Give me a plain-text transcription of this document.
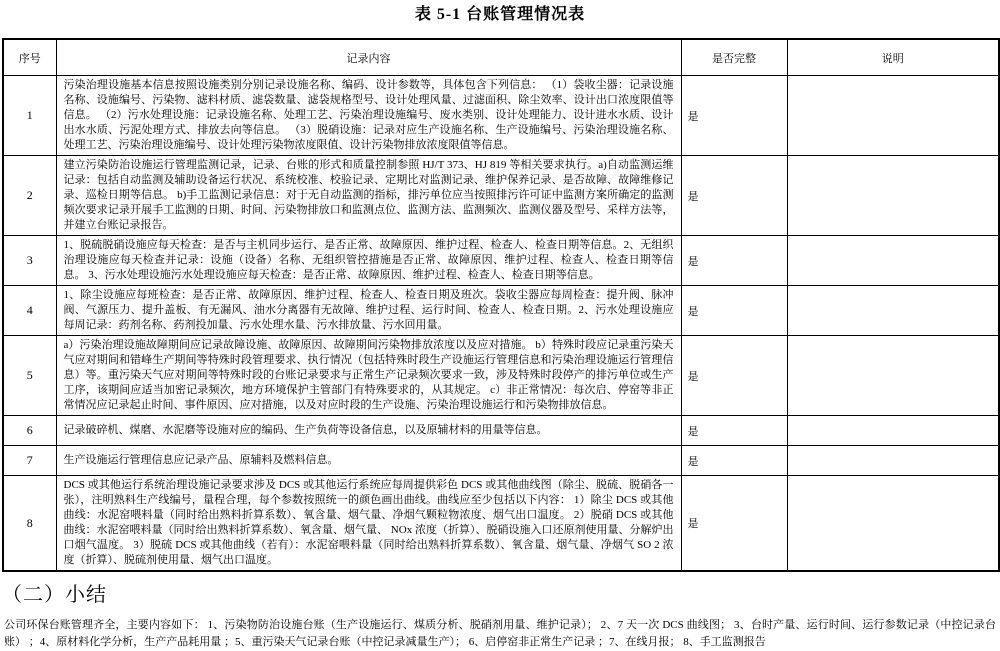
表 5-1 台账管理情况表
序号	记录内容	是否完整	说明
1	污染治理设施基本信息按照设施类别分别记录设施名称、编码、设计参数等，具体包含下列信息： （1）袋收尘器：记录设施名称、设施编号、污染物、滤料材质、滤袋数量、滤袋规格型号、设计处理风量、过滤面积、除尘效率、设计出口浓度限值等信息。 （2）污水处理设施：记录设施名称、处理工艺、污染治理设施编号、废水类别、设计处理能力、设计进水水质、设计出水水质、污泥处理方式、排放去向等信息。 （3）脱硝设施：记录对应生产设施名称、生产设施编号、污染治理设施名称、处理工艺、污染治理设施编号、设计处理污染物浓度限值、设计污染物排放浓度限值等信息。	是	
2	建立污染防治设施运行管理监测记录，记录、台账的形式和质量控制参照 HJ/T 373、HJ 819 等相关要求执行。a)自动监测运维记录：包括自动监测及辅助设备运行状况、系统校准、校验记录、定期比对监测记录、维护保养记录、是否故障、故障维修记录、巡检日期等信息。 b)手工监测记录信息：对于无自动监测的指标，排污单位应当按照排污许可证中监测方案所确定的监测频次要求记录开展手工监测的日期、时间、污染物排放口和监测点位、监测方法、监测频次、监测仪器及型号、采样方法等，并建立台账记录报告。	是	
3	1、脱硫脱硝设施应每天检查：是否与主机同步运行、是否正常、故障原因、维护过程、检查人、检查日期等信息。2、无组织治理设施应每天检查并记录：设施（设备）名称、无组织管控措施是否正常、故障原因、维护过程、检查人、检查日期等信息。 3、污水处理设施污水处理设施应每天检查：是否正常、故障原因、维护过程、检查人、检查日期等信息。	是	
4	1、除尘设施应每班检查：是否正常、故障原因、维护过程、检查人、检查日期及班次。袋收尘器应每周检查：提升阀、脉冲阀、气源压力、提升盖板、有无漏风、油水分离器有无故障、维护过程、运行时间、检查人、检查日期。2、污水处理设施应每周记录：药剂名称、药剂投加量、污水处理水量、污水排放量、污水回用量。	是	
5	a）污染治理设施故障期间应记录故障设施、故障原因、故障期间污染物排放浓度以及应对措施。 b）特殊时段应记录重污染天气应对期间和错峰生产期间等特殊时段管理要求、执行情况（包括特殊时段生产设施运行管理信息和污染治理设施运行管理信息）等。重污染天气应对期间等特殊时段的台账记录要求与正常生产记录频次要求一致，涉及特殊时段停产的排污单位或生产工序，该期间应适当加密记录频次，地方环境保护主管部门有特殊要求的，从其规定。 c）非正常情况：每次启、停窑等非正常情况应记录起止时间、事件原因、应对措施，以及对应时段的生产设施、污染治理设施运行和污染物排放信息。	是	
6	记录破碎机、煤磨、水泥磨等设施对应的编码、生产负荷等设备信息，以及原辅材料的用量等信息。	是	
7	生产设施运行管理信息应记录产品、原辅料及燃料信息。	是	
8	DCS 或其他运行系统治理设施记录要求涉及 DCS 或其他运行系统应每周提供彩色 DCS 或其他曲线图（除尘、脱硫、脱硝各一张），注明熟料生产线编号，量程合理，每个参数按照统一的颜色画出曲线。曲线应至少包括以下内容： 1）除尘 DCS 或其他曲线：水泥窑喂料量（同时给出熟料折算系数）、氧含量、烟气量、净烟气颗粒物浓度、烟气出口温度。 2）脱硝 DCS 或其他曲线：水泥窑喂料量（同时给出熟料折算系数）、氧含量、烟气量、 NOx 浓度（折算）、脱硝设施入口还原剂使用量、分解炉出口烟气温度。 3）脱硫 DCS 或其他曲线（若有）：水泥窑喂料量（同时给出熟料折算系数）、氧含量、烟气量、净烟气 SO 2 浓度（折算）、脱硫剂使用量、烟气出口温度。	是	
（二）小结
公司环保台账管理齐全，主要内容如下： 1、污染物防治设施台账（生产设施运行、煤质分析、脱硝剂用量、维护记录）； 2、7 天一次 DCS 曲线图； 3、台时产量、运行时间、运行参数记录（中控记录台账） ；4、原材料化学分析，生产产品耗用量 ；5、重污染天气记录台账（中控记录减量生产）； 6、启停窑非正常生产记录 ；7、在线月报； 8、手工监测报告
